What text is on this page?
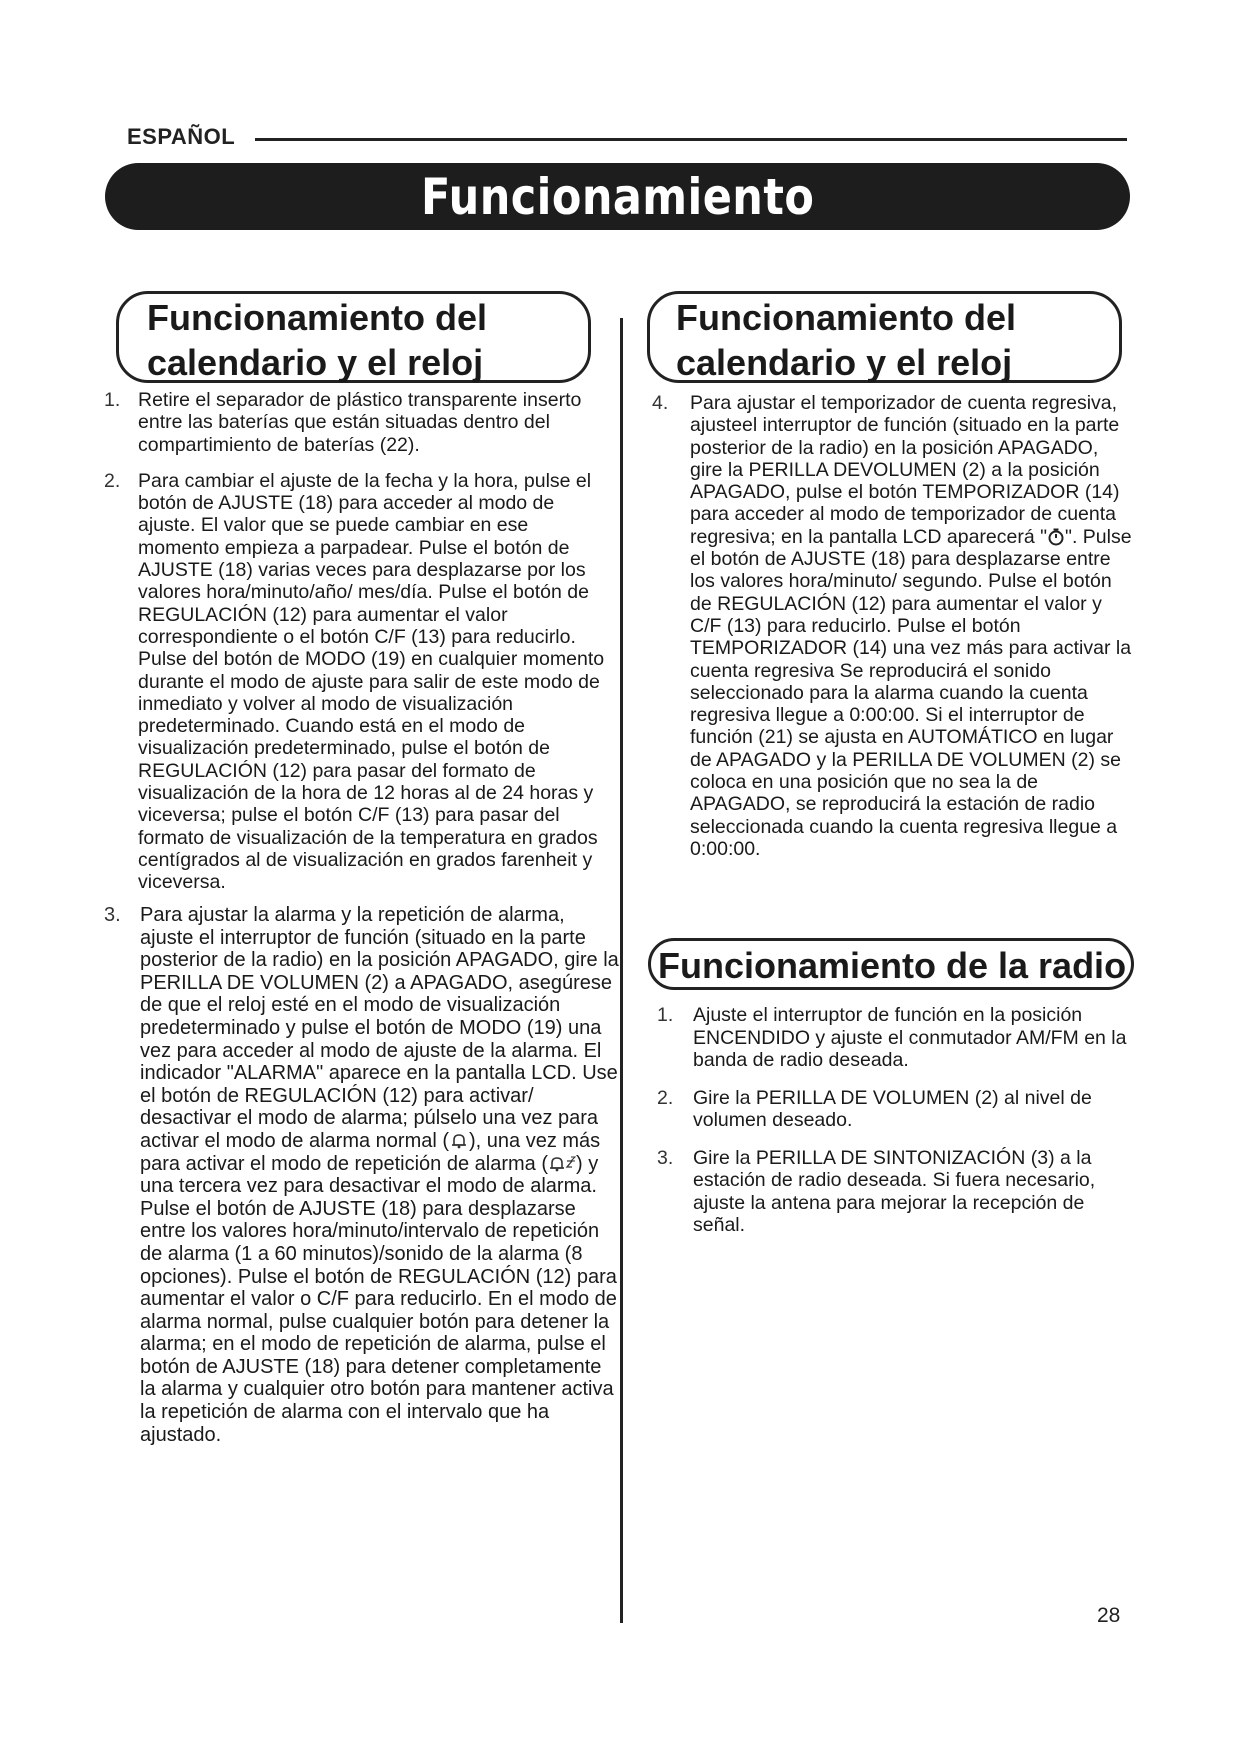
ESPAÑOL
Funcionamiento
Funcionamiento del calendario y el reloj
1. Retire el separador de plástico transparente inserto entre las baterías que están situadas dentro del compartimiento de baterías (22).

2. Para cambiar el ajuste de la fecha y la hora, pulse el botón de AJUSTE (18) para acceder al modo de ajuste. El valor que se puede cambiar en ese momento empieza a parpadear. Pulse el botón de AJUSTE (18) varias veces para desplazarse por los valores hora/minuto/año/ mes/día. Pulse el botón de REGULACIÓN (12) para aumentar el valor correspondiente o el botón C/F (13) para reducirlo. Pulse del botón de MODO (19) en cualquier momento durante el modo de ajuste para salir de este modo de inmediato y volver al modo de visualización predeterminado. Cuando está en el modo de visualización predeterminado, pulse el botón de REGULACIÓN (12) para pasar del formato de visualización de la hora de 12 horas al de 24 horas y viceversa; pulse el botón C/F (13) para pasar del formato de visualización de la temperatura en grados centígrados al de visualización en grados farenheit y viceversa.

3. Para ajustar la alarma y la repetición de alarma, ajuste el interruptor de función (situado en la parte posterior de la radio) en la posición APAGADO, gire la PERILLA DE VOLUMEN (2) a APAGADO, asegúrese de que el reloj esté en el modo de visualización predeterminado y pulse el botón de MODO (19) una vez para acceder al modo de ajuste de la alarma. El indicador "ALARMA" aparece en la pantalla LCD. Use el botón de REGULACIÓN (12) para activar/ desactivar el modo de alarma; púlselo una vez para activar el modo de alarma normal ( ), una vez más para activar el modo de repetición de alarma ( ) y una tercera vez para desactivar el modo de alarma. Pulse el botón de AJUSTE (18) para desplazarse entre los valores hora/minuto/intervalo de repetición de alarma (1 a 60 minutos)/sonido de la alarma (8 opciones). Pulse el botón de REGULACIÓN (12) para aumentar el valor o C/F para reducirlo. En el modo de alarma normal, pulse cualquier botón para detener la alarma; en el modo de repetición de alarma, pulse el botón de AJUSTE (18) para detener completamente la alarma y cualquier otro botón para mantener activa la repetición de alarma con el intervalo que ha ajustado.

Funcionamiento del calendario y el reloj
4. Para ajustar el temporizador de cuenta regresiva, ajusteel interruptor de función (situado en la parte posterior de la radio) en la posición APAGADO, gire la PERILLA DEVOLUMEN (2) a la posición APAGADO, pulse el botón TEMPORIZADOR (14) para acceder al modo de temporizador de cuenta regresiva; en la pantalla LCD aparecerá " ". Pulse el botón de AJUSTE (18) para desplazarse entre los valores hora/minuto/ segundo. Pulse el botón de REGULACIÓN (12) para aumentar el valor y C/F (13) para reducirlo. Pulse el botón TEMPORIZADOR (14) una vez más para activar la cuenta regresiva Se reproducirá el sonido seleccionado para la alarma cuando la cuenta regresiva llegue a 0:00:00. Si el interruptor de función (21) se ajusta en AUTOMÁTICO en lugar de APAGADO y la PERILLA DE VOLUMEN (2) se coloca en una posición que no sea la de APAGADO, se reproducirá la estación de radio seleccionada cuando la cuenta regresiva llegue a 0:00:00.

Funcionamiento de la radio
1. Ajuste el interruptor de función en la posición ENCENDIDO y ajuste el conmutador AM/FM en la banda de radio deseada.

2. Gire la PERILLA DE VOLUMEN (2) al nivel de volumen deseado.

3. Gire la PERILLA DE SINTONIZACIÓN (3) a la estación de radio deseada. Si fuera necesario, ajuste la antena para mejorar la recepción de señal.

28
